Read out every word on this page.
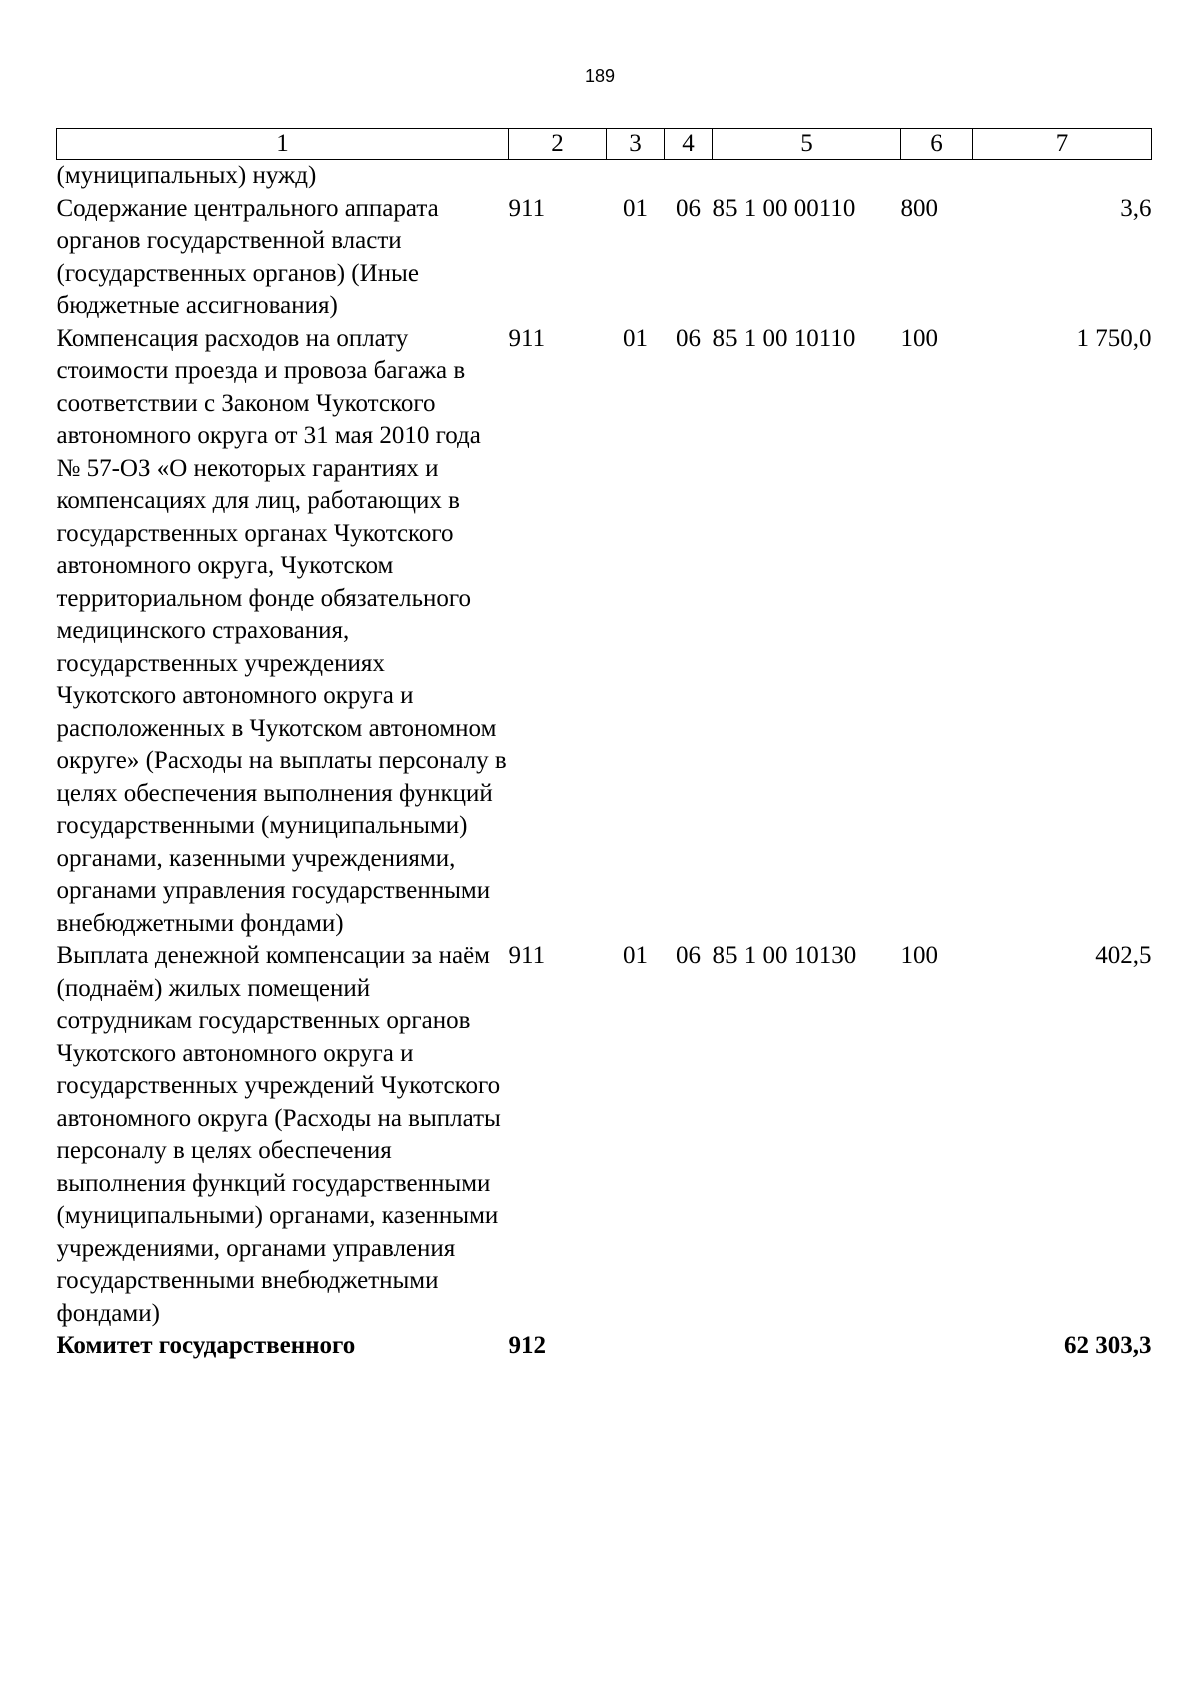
189
1	2	3	4	5	6	7
(муниципальных) нужд)						
Содержание центрального аппарата органов государственной власти (государственных органов) (Иные бюджетные ассигнования)	911	01	06	85 1 00 00110	800	3,6
Компенсация расходов на оплату стоимости проезда и провоза багажа в соответствии с Законом Чукотского автономного округа от 31 мая 2010 года № 57-ОЗ «О некоторых гарантиях и компенсациях для лиц, работающих в государственных органах Чукотского автономного округа, Чукотском территориальном фонде обязательного медицинского страхования, государственных учреждениях Чукотского автономного округа и расположенных в Чукотском автономном округе» (Расходы на выплаты персоналу в целях обеспечения выполнения функций государственными (муниципальными) органами, казенными учреждениями, органами управления государственными внебюджетными фондами)	911	01	06	85 1 00 10110	100	1 750,0
Выплата денежной компенсации за наём (поднаём) жилых помещений сотрудникам государственных органов Чукотского автономного округа и государственных учреждений Чукотского автономного округа (Расходы на выплаты персоналу в целях обеспечения выполнения функций государственными (муниципальными) органами, казенными учреждениями, органами управления государственными внебюджетными фондами)	911	01	06	85 1 00 10130	100	402,5
Комитет государственного	912					62 303,3
